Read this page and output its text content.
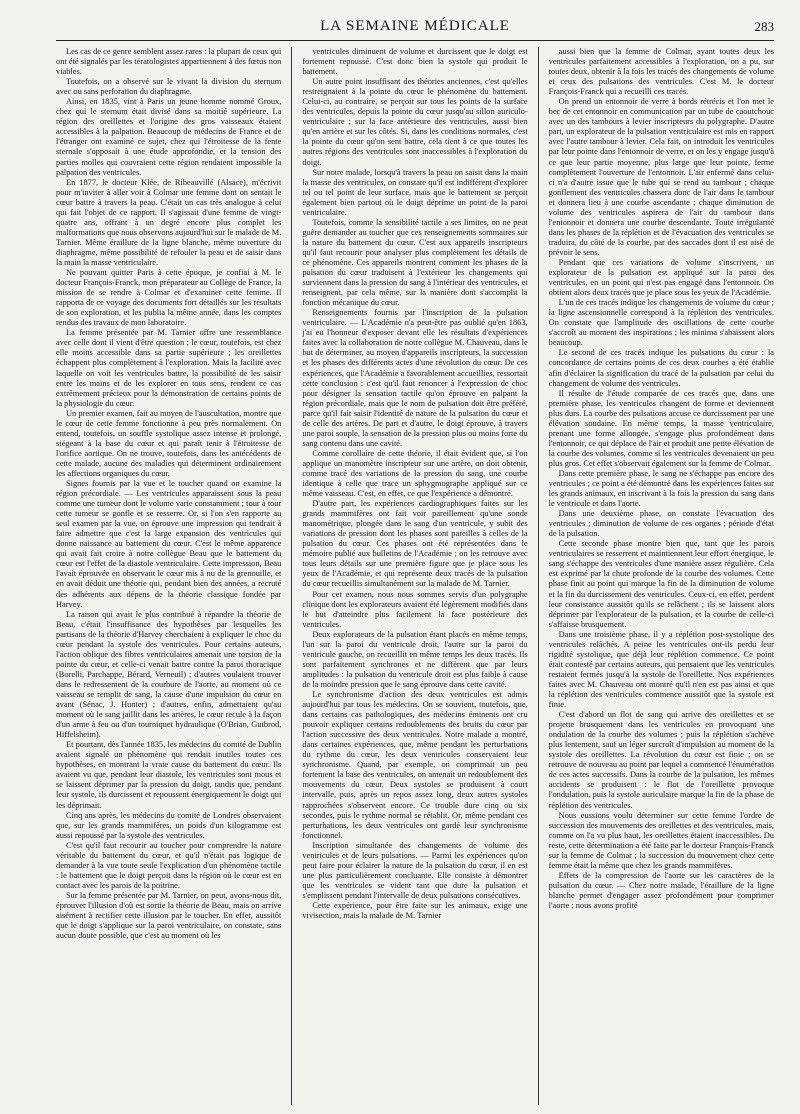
LA SEMAINE MÉDICALE	283

Les cas de ce genre semblent assez rares : la plupart de ceux qui ont été signalés par les tératologistes appartiennent à des fœtus non viables.

Toutefois, on a observé sur le vivant la division du sternum avec ou sans perforation du diaphragme.

Ainsi, en 1835, vint à Paris un jeune homme nommé Groux, chez qui le sternum était divisé dans sa moitié supérieure. La région des oreillettes et l'origine des gros vaisseaux étaient accessibles à la palpation. Beaucoup de médecins de France et de l'étranger ont examiné ce sujet, chez qui l'étroitesse de la fente sternale s'opposait à une étude approfondie, et la tension des parties molles qui couvraient cette région rendaient impossible la palpation des ventricules.

En 1877, le docteur Klée, de Ribeauvillé (Alsace), m'écrivit pour m'inviter à aller voir à Colmar une femme dont on sentait le cœur battre à travers la peau. C'était un cas très analogue à celui qui fait l'objet de ce rapport. Il s'agissait d'une femme de vingt-quatre ans, offrant à un degré encore plus complet les malformations que nous observons aujourd'hui sur le malade de M. Tarnier. Même éraillure de la ligne blanche, même ouverture du diaphragme, même possibilité de refouler la peau et de saisir dans la main la masse ventriculaire.

Ne pouvant quitter Paris à cette époque, je confiai à M. le docteur François-Franck, mon préparateur au Collège de France, la mission de se rendre à Colmar et d'examiner cette femme. Il rapporta de ce voyage des documents fort détaillés sur les résultats de son exploration, et les publia la même année, dans les comptes rendus des travaux de mon laboratoire.

La femme présentée par M. Tarnier offre une ressemblance avec celle dont il vient d'être question ; le cœur, toutefois, est chez elle moins accessible dans sa partie supérieure ; les oreillettes échappent plus complètement à l'exploration. Mais la facilité avec laquelle on voit les ventricules battre, la possibilité de les saisir entre les mains et de les explorer en tous sens, rendent ce cas extrêmement précieux pour la démonstration de certains points de la physiologie du cœur.

Un premier examen, fait au moyen de l'auscultation, montre que le cœur de cette femme fonctionne à peu près normalement. On entend, toutefois, un souffle systolique assez intense et prolongé, siégeant à la base du cœur et qui paraît tenir à l'étroitesse de l'orifice aortique. On ne trouve, toutefois, dans les antécédents de cette malade, aucune des maladies qui déterminent ordinairement les affections organiques du cœur.

Signes fournis par la vue et le toucher quand on examine la région précordiale. — Les ventricules apparaissent sous la peau comme une tumeur dont le volume varie constamment ; tour à tour cette tumeur se gonfle et se resserre. Or, si l'on s'en rapporte au seul examen par la vue, on éprouve une impression qui tendrait à faire admettre que c'est la large expansion des ventricules qui donne naissance au battement du cœur. C'est le même apparence qui avait fait croire à notre collègue Beau que le battement du cœur est l'effet de la diastole ventriculaire. Cette impression, Beau l'avait éprouvée en observant le cœur mis à nu de la grenouille, et en avait déduit une théorie qui, pendant bien des années, a recruté des adhérents aux dépens de la théorie classique fondée par Harvey.

La raison qui avait le plus contribué à répandre la théorie de Beau, c'était l'insuffisance des hypothèses par lesquelles les partisans de la théorie d'Harvey cherchaient à expliquer le choc du cœur pendant la systole des ventricules. Pour certains auteurs, l'action oblique des fibres ventriculaires amenait une torsion de la pointe du cœur, et celle-ci venait battre contre la paroi thoracique (Borelli, Parchappe, Bérard, Verneuil) ; d'autres voulaient trouver dans le redressement de la courbure de l'aorte, au moment où ce vaisseau se remplit de sang, la cause d'une impulsion du cœur en avant (Sénac, J. Hunter) ; d'autres, enfin, admettaient qu'au moment où le sang jaillit dans les artères, le cœur recule à la façon d'un arme à feu ou d'un tourniquet hydraulique (O'Brian, Gutbrod, Hiffelsheim).

Et pourtant, dès l'année 1835, les médecins du comité de Dublin avaient signalé un phénomène qui rendait inutiles toutes ces hypothèses, en montrant la vraie cause du battement du cœur. Ils avaient vu que, pendant leur diastole, les ventricules sont mous et se laissent déprimer par la pression du doigt, tandis que, pendant leur systole, ils durcissent et repoussent énergiquement le doigt qui les déprimait.

Cinq ans après, les médecins du comité de Londres observaient que, sur les grands mammifères, un poids d'un kilogramme est aussi repoussé par la systole des ventricules.

C'est qu'il faut recourir au toucher pour comprendre la nature véritable du battement du cœur, et qu'il n'était pas logique de demander à la vue toute seule l'explication d'un phénomène tactile : le battement que le doigt perçoit dans la région où le cœur est en contact avec les parois de la poitrine.

Sur la femme présentée par M. Tarnier, on peut, avons-nous dit, éprouver l'illusion d'où est sortie la théorie de Beau, mais on arrive aisément à rectifier cette illusion par le toucher. En effet, aussitôt que le doigt s'applique sur la paroi ventriculaire, on constate, sans aucun doute possible, que c'est au moment où les

ventricules diminuent de volume et durcissent que le doigt est fortement repoussé. C'est donc bien la systole qui produit le battement.

Un autre point insuffisant des théories anciennes, c'est qu'elles restreignaient à la pointe du cœur le phénomène du battement. Celui-ci, au contraire, se perçoit sur tous les points de la surface des ventricules, depuis la pointe du cœur jusqu'au sillon auriculo-ventriculaire ; sur la face antérieure des ventricules, aussi bien qu'en arrière et sur les côtés. Si, dans les conditions normales, c'est la pointe du cœur qu'on sent battre, cela tient à ce que toutes les autres régions des ventricules sont inaccessibles à l'exploration du doigt.

Sur notre malade, lorsqu'à travers la peau on saisit dans la main la masse des ventricules, on constate qu'il est indifférent d'explorer tel ou tel point de leur surface, mais que le battement se perçoit également bien partout où le doigt déprime un point de la paroi ventriculaire.

Toutefois, comme la sensibilité tactile a ses limites, on ne peut guère demander au toucher que ces renseignements sommaires sur la nature du battement du cœur. C'est aux appareils inscripteurs qu'il faut recourir pour analyser plus complètement les détails de ce phénomène. Ces appareils montrent comment les phases de la pulsation du cœur traduisent à l'extérieur les changements qui surviennent dans la pression du sang à l'intérieur des ventricules, et renseignent, par cela même, sur la manière dont s'accomplit la fonction mécanique du cœur.

Renseignements fournis par l'inscription de la pulsation ventriculaire. — L'Académie n'a peut-être pas oublié qu'en 1863, j'ai eu l'honneur d'exposer devant elle les résultats d'expériences faites avec la collaboration de notre collègue M. Chauveau, dans le but de déterminer, au moyen d'appareils inscripteurs, la succession et les phases des différents actes d'une révolution du cœur. De ces expériences, que l'Académie a favorablement accueillies, ressortait cette conclusion : c'est qu'il faut renoncer à l'expression de choc pour désigner la sensation tactile qu'on éprouve en palpant la région précordiale, mais que le nom de pulsation doit être préféré, parce qu'il fait saisir l'identité de nature de la pulsation du cœur et de celle des artères. De part et d'autre, le doigt éprouve, à travers une paroi souple, la sensation de la pression plus ou moins forte du sang contenu dans une cavité.

Comme corollaire de cette théorie, il était évident que, si l'on applique un manomètre inscripteur sur une artère, on doit obtenir, comme tracé des variations de la pression du sang, une courbe identique à celle que trace un sphygmographe appliqué sur ce même vaisseau. C'est, en effet, ce que l'expérience a démontré.

D'autre part, les expériences cardiographiques faites sur les grands mammifères ont fait voir pareillement qu'une sonde manométrique, plongée dans le sang d'un ventricule, y subit des variations de pression dont les phases sont pareilles à celles de la pulsation du cœur. Ces phases ont été représentées dans le mémoire publié aux bulletins de l'Académie ; on les retrouve avec tous leurs détails sur une première figure que je place sous les yeux de l'Académie, et qui représente deux tracés de la pulsation du cœur recueillis simultanément sur la malade de M. Tarnier.

Pour cet examen, nous nous sommes servis d'un polygraphe clinique dont les explorateurs avaient été légèrement modifiés dans le but d'atteindre plus facilement la face postérieure des ventricules.

Deux explorateurs de la pulsation étant placés en même temps, l'un sur la paroi du ventricule droit, l'autre sur la paroi du ventricule gauche, on recueillit en même temps les deux tracés. Ils sont parfaitement synchrones et ne diffèrent que par leurs amplitudes : la pulsation du ventricule droit est plus faible à cause de la moindre pression que le sang éprouve dans cette cavité.

Le synchronisme d'action des deux ventricules est admis aujourd'hui par tous les médecins. On se souvient, toutefois, que, dans certains cas pathologiques, des médecins éminents ont cru pouvoir expliquer certains redoublements des bruits du cœur par l'action successive des deux ventricules. Notre malade a montré, dans certaines expériences, que, même pendant les perturbations du rythme du cœur, les deux ventricules conservaient leur synchronisme. Quand, par exemple, on comprimait un peu fortement la base des ventricules, on amenait un redoublement des mouvements du cœur. Deux systoles se produisent à court intervalle, puis, après un repos assez long, deux autres systoles rapprochées s'observent encore. Ce trouble dure cinq ou six secondes, puis le rythme normal se rétablit. Or, même pendant ces perturbations, les deux ventricules ont gardé leur synchronisme fonctionnel.

Inscription simultanée des changements de volume des ventricules et de leurs pulsations. — Parmi les expériences qu'on peut faire pour éclairer la nature de la pulsation du cœur, il en est une plus particulièrement concluante. Elle consiste à démontrer que les ventricules se vident tant que dure la pulsation et s'emplissent pendant l'intervalle de deux pulsations consécutives.

Cette expérience, pour être faite sur les animaux, exige une vivisection, mais la malade de M. Tarnier

aussi bien que la femme de Colmar, ayant toutes deux les ventricules parfaitement accessibles à l'exploration, on a pu, sur toutes deux, obtenir à la fois les tracés des changements de volume et ceux des pulsations des ventricules. C'est M. le docteur François-Franck qui a recueilli ces tracés.

On prend un entonnoir de verre à bords rétrécis et l'on met le bec de cet entonnoir en communication par un tube de caoutchouc avec un des tambours à levier inscripteurs du polygraphe. D'autre part, un explorateur de la pulsation ventriculaire est mis en rapport avec l'autre tambour à levier. Cela fait, on introduit les ventricules par leur pointe dans l'entonnoir de verre, et on les y engage jusqu'à ce que leur partie moyenne, plus large que leur pointe, ferme complètement l'ouverture de l'entonnoir. L'air enfermé dans celui-ci n'a d'autre issue que le tube qui se rend au tambour ; chaque gonflement des ventricules chassera donc de l'air dans le tambour et donnera lieu à une courbe ascendante ; chaque diminution de volume des ventricules aspirera de l'air du tambour dans l'entonnoir et donnera une courbe descendante. Toute irrégularité dans les phases de la réplétion et de l'évacuation des ventricules se traduira, du côté de la courbe, par des saccades dont il est aisé de prévoir le sens.

Pendant que ces variations de volume s'inscrivent, un explorateur de la pulsation est appliqué sur la paroi des ventricules, en un point qui n'est pas engagé dans l'entonnoir. On obtient alors deux tracés que je place sous les yeux de l'Académie.

L'un de ces tracés indique les changements de volume du cœur ; la ligne ascensionnelle correspond à la réplétion des ventricules. On constate que l'amplitude des oscillations de cette courbe s'accroît au moment des inspirations ; les minima s'abaissent alors beaucoup.

Le second de ces tracés indique les pulsations du cœur : la concordance de certains points de ces deux courbes a été établie afin d'éclairer la signification du tracé de la pulsation par celui du changement de volume des ventricules.

Il résulte de l'étude comparée de ces tracés que, dans une première phase, les ventricules changent de forme et deviennent plus durs. La courbe des pulsations accuse ce durcissement par une élévation soudaine. En même temps, la masse ventriculaire, prenant une forme allongée, s'engage plus profondément dans l'entonnoir, ce qui déplace de l'air et produit une petite élévation de la courbe des volumes, comme si les ventricules devenaient un peu plus gros. Cet effet s'observait également sur la femme de Colmar.

Dans cette première phase, le sang ne s'échappe pas encore des ventricules ; ce point a été démontré dans les expériences faites sur les grands animaux, en inscrivant à la fois la pression du sang dans le ventricule et dans l'aorte.

Dans une deuxième phase, on constate l'évacuation des ventricules ; diminution de volume de ces organes ; période d'état de la pulsation.

Cette seconde phase montre bien que, tant que les parois ventriculaires se resserrent et maintiennent leur effort énergique, le sang s'échappe des ventricules d'une manière assez régulière. Cela est exprimé par la chute profonde de la courbe des volumes. Cette phase finit au point qui marque la fin de la diminution de volume et la fin du durcissement des ventricules. Ceux-ci, en effet, perdent leur consistance aussitôt qu'ils se relâchent ; ils se laissent alors déprimer par l'explorateur de la pulsation, et la courbe de celle-ci s'affaisse brusquement.

Dans une troisième phase, il y a réplétion post-systolique des ventricules relâchés. A peine les ventricules ont-ils perdu leur rigidité systolique, que déjà leur réplétion commence. Ce point était contesté par certains auteurs, qui pensaient que les ventricules restaient fermés jusqu'à la systole de l'oreillette. Nos expériences faites avec M. Chauveau ont montré qu'il n'en est pas ainsi et que la réplétion des ventricules commence aussitôt que la systole est finie.

C'est d'abord un flot de sang qui arrive des oreillettes et se projette brusquement dans les ventricules en provoquant une ondulation de la courbe des volumes ; puis la réplétion s'achève plus lentement, sauf un léger surcroît d'impulsion au moment de la systole des oreillettes. La révolution du cœur est finie ; on se retrouve de nouveau au point par lequel a commencé l'énumération de ces actes successifs. Dans la courbe de la pulsation, les mêmes accidents se produisent : le flot de l'oreillette provoque l'ondulation, puis la systole auriculaire marque la fin de la phase de réplétion des ventricules.

Nous eussions voulu déterminer sur cette femme l'ordre de succession des mouvements des oreillettes et des ventricules, mais, comme on l'a vu plus haut, les oreillettes étaient inaccessibles. Du reste, cette détermination a été faite par le docteur François-Franck sur la femme de Colmar ; la succession du mouvement chez cette femme était la même que chez les grands mammifères.

Effets de la compression de l'aorte sur les caractères de la pulsation du cœur. — Chez notre malade, l'éraillure de la ligne blanche permet d'engager assez profondément pour comprimer l'aorte ; nous avons profité
